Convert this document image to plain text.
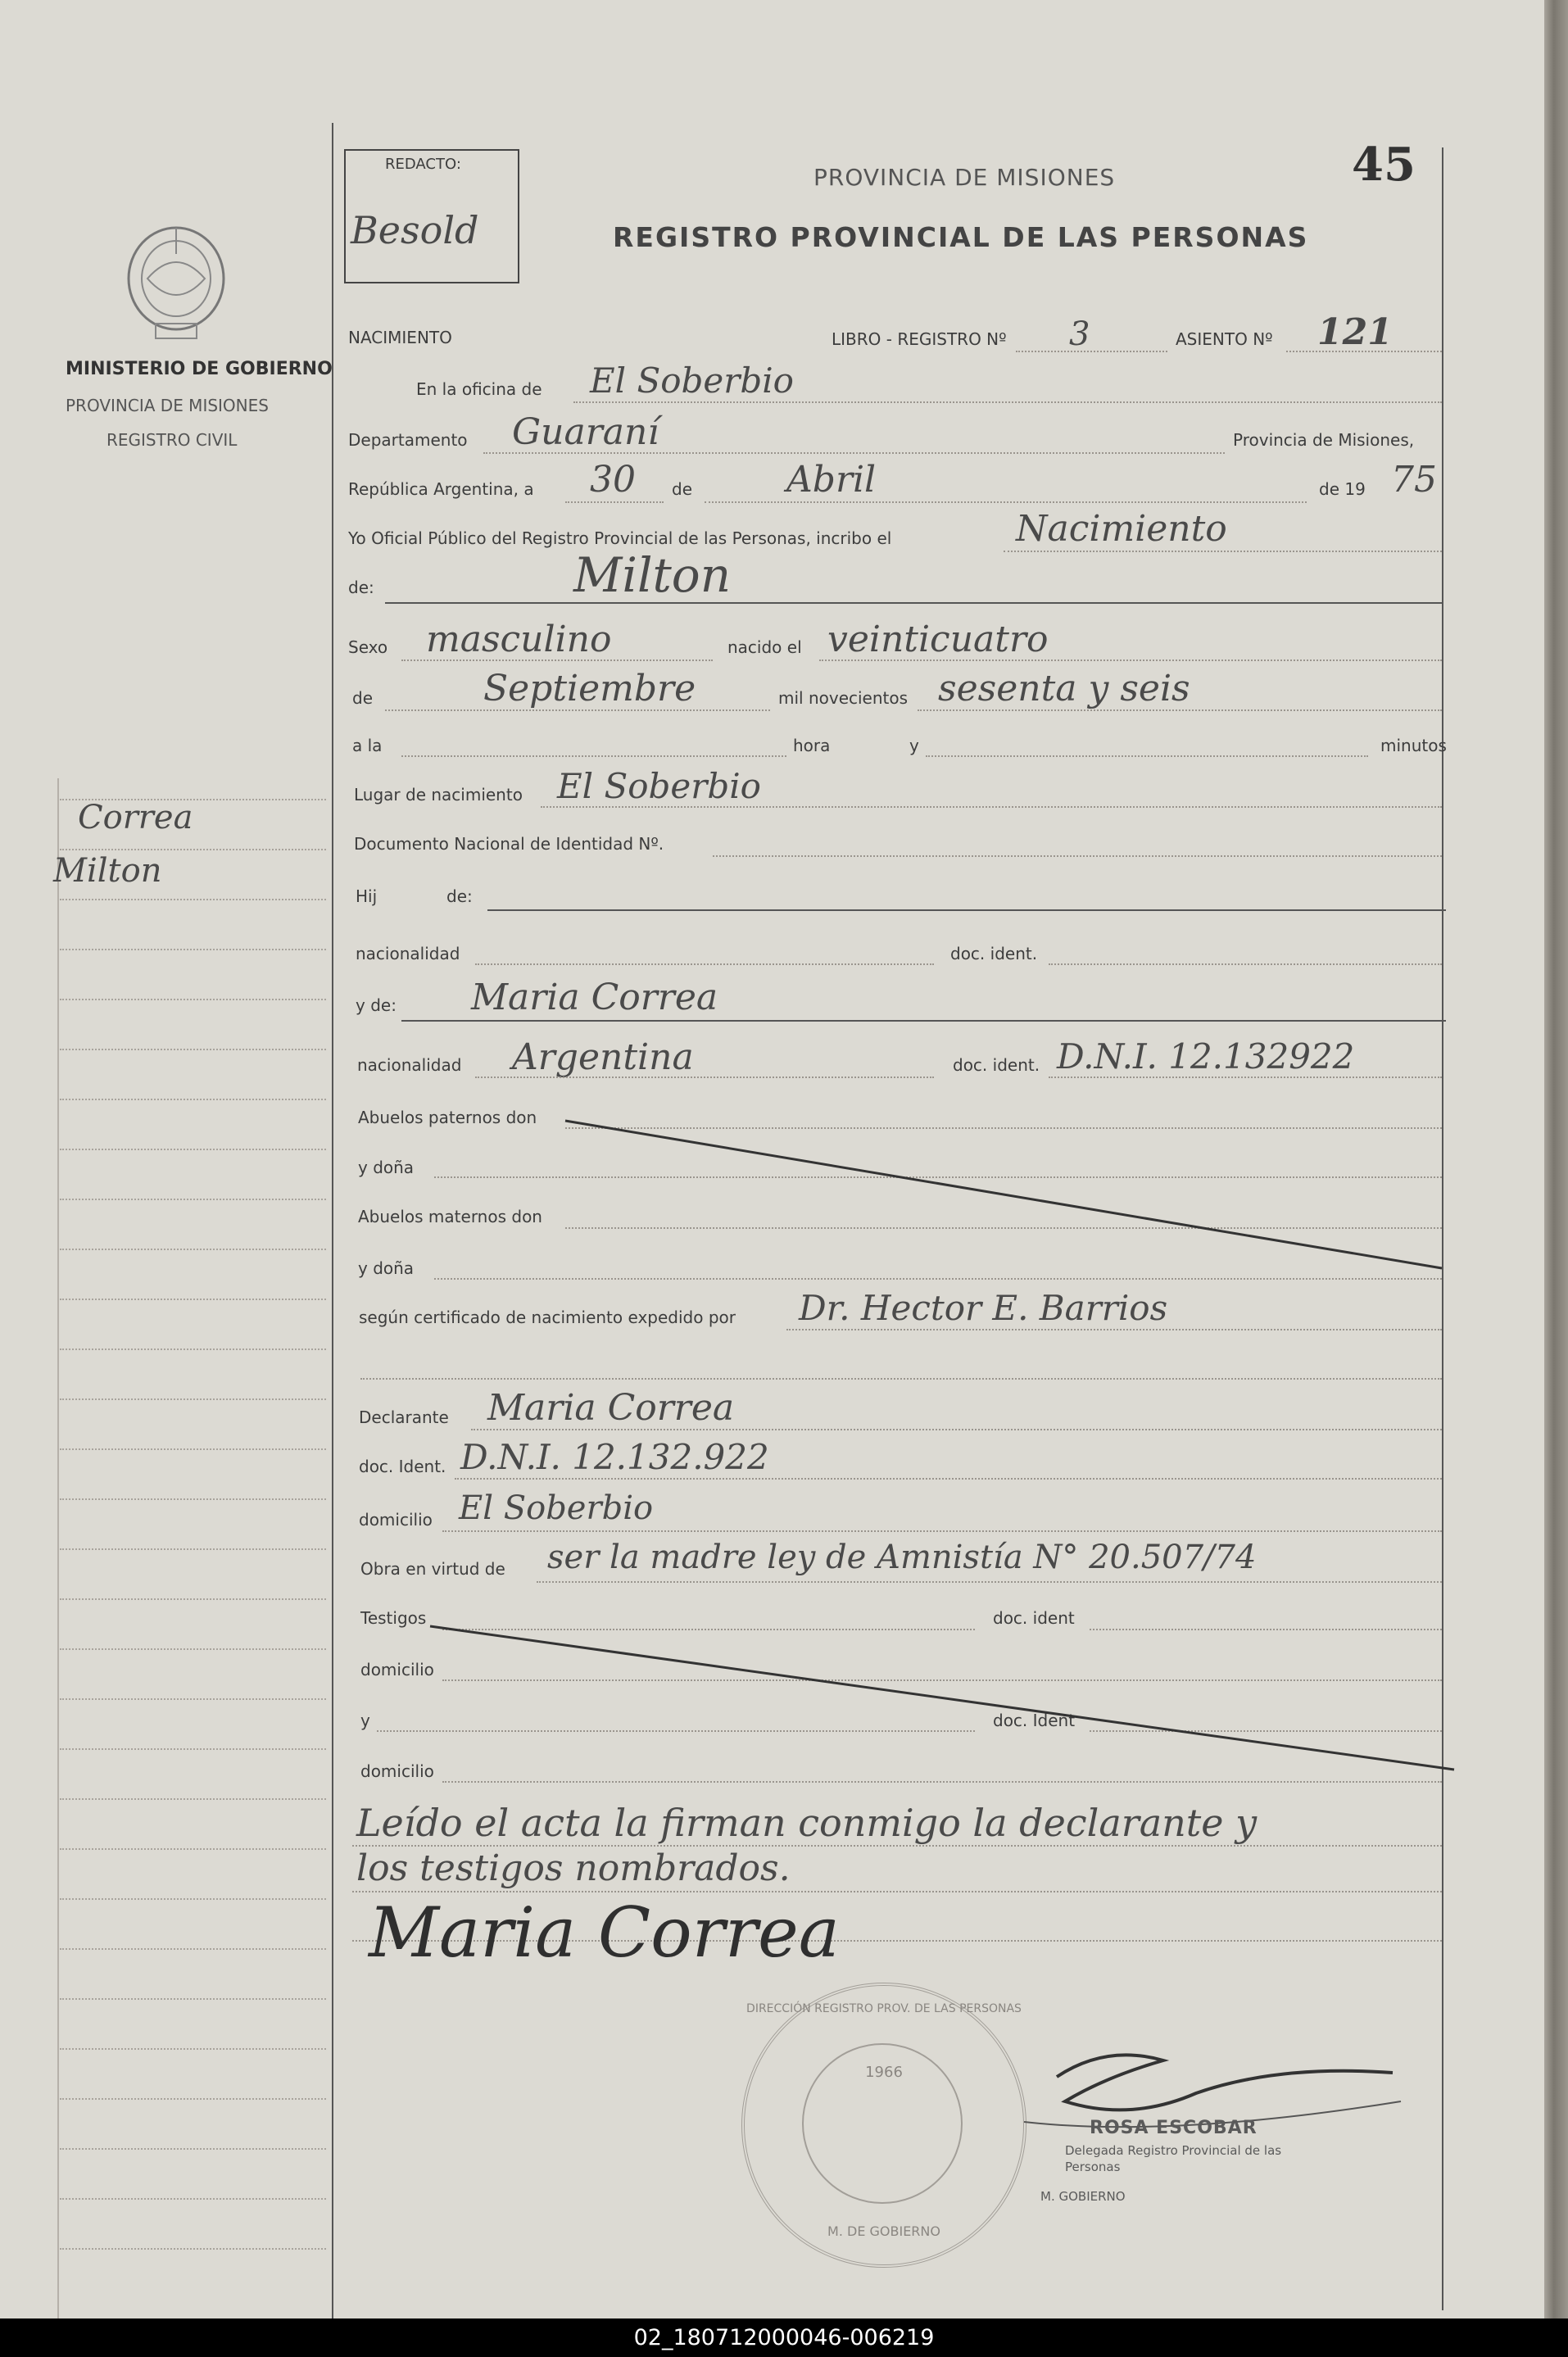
MINISTERIO DE GOBIERNO
PROVINCIA DE MISIONES
REGISTRO CIVIL
Correa
Milton
REDACTO:
Besold
PROVINCIA DE MISIONES	45
REGISTRO PROVINCIAL DE LAS PERSONAS
NACIMIENTO	LIBRO - REGISTRO Nº 3	ASIENTO Nº 121
En la oficina de El Soberbio
Departamento Guaraní	Provincia de Misiones,
República Argentina, a 30 de	Abril	de 19 75
Yo Oficial Público del Registro Provincial de las Personas, incribo el	Nacimiento
de:	Milton
Sexo masculino	nacido el veinticuatro
de	Septiembre	mil novecientos sesenta y seis
a la	hora	y	minutos
Lugar de nacimiento El Soberbio
Documento Nacional de Identidad Nº.
Hij	de:
nacionalidad	doc. ident.
y de: Maria Correa
nacionalidad Argentina	doc. ident. D.N.I. 12.132922
Abuelos paternos don
y doña
Abuelos maternos don
y doña
según certificado de nacimiento expedido por Dr. Hector E. Barrios
Declarante Maria Correa
doc. Ident. D.N.I. 12.132.922
domicilio El Soberbio
Obra en virtud de ser la madre ley de Amnistía N° 20.507/74
Testigos	doc. ident
domicilio
y	doc. Ident
domicilio
Leído el acta la firman conmigo la declarante y
los testigos nombrados.
Maria Correa
DIRECCIÓN REGISTRO PROV. DE LAS PERSONAS
1966
M. DE GOBIERNO
ROSA ESCOBAR
Delegada Registro Provincial de las Personas
M. GOBIERNO
02_180712000046-006219
